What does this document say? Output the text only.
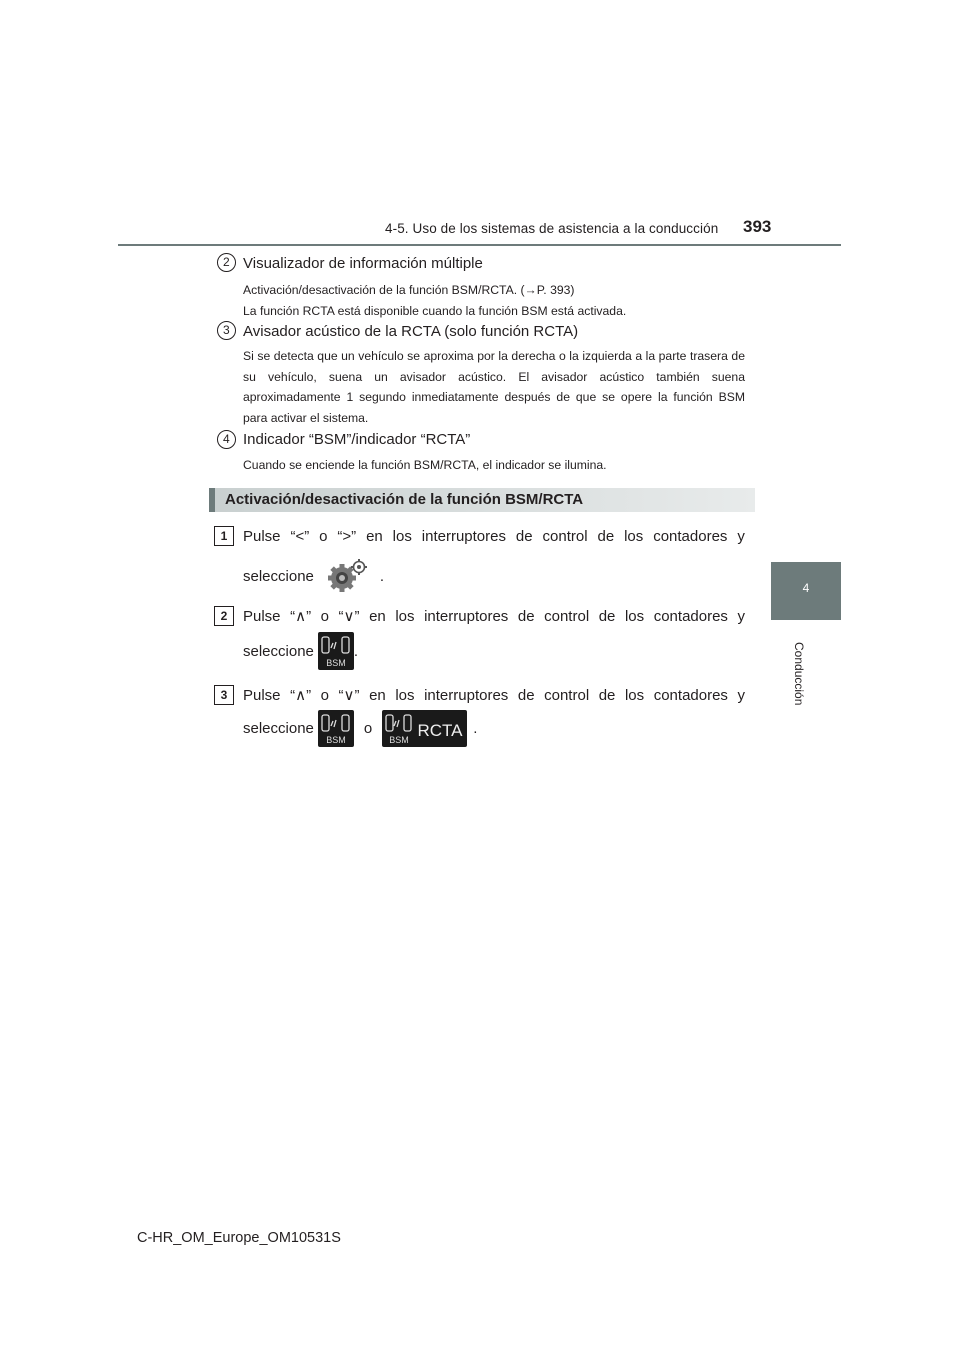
4-5. Uso de los sistemas de asistencia a la conducción 393
4
Conducción
2 Visualizador de información múltiple

Activación/desactivación de la función BSM/RCTA. (→P. 393)

La función RCTA está disponible cuando la función BSM está activada.

3 Avisador acústico de la RCTA (solo función RCTA)

Si se detecta que un vehículo se aproxima por la derecha o la izquierda a la parte trasera de su vehículo, suena un avisador acústico. El avisador acústico también suena aproximadamente 1 segundo inmediatamente después de que se opere la función BSM para activar el sistema.

4 Indicador “BSM”/indicador “RCTA”

Cuando se enciende la función BSM/RCTA, el indicador se ilumina.

Activación/desactivación de la función BSM/RCTA
1	Pulse “<” o “>” en los interruptores de control de los contadores y
seleccione	.
2	Pulse “∧” o “∨” en los interruptores de control de los contadores y
seleccione
BSM
.
3	Pulse “∧” o “∨” en los interruptores de control de los contadores y
seleccione
BSM
o
BSM RCTA .
C-HR_OM_Europe_OM10531S
